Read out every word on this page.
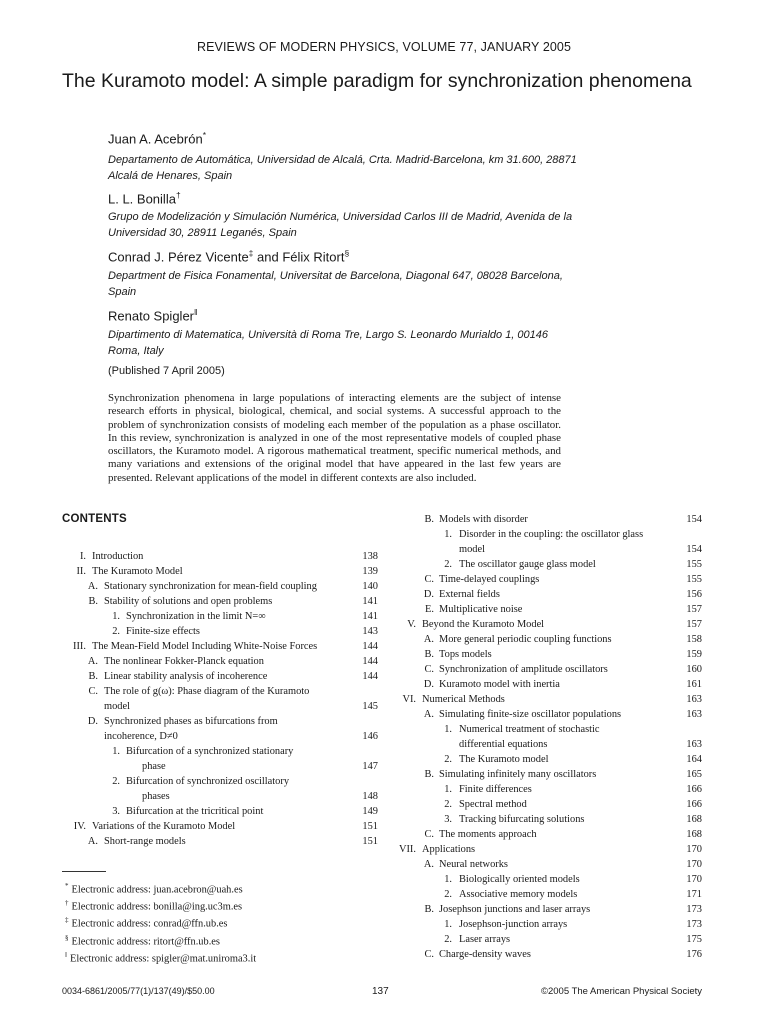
REVIEWS OF MODERN PHYSICS, VOLUME 77, JANUARY 2005
The Kuramoto model: A simple paradigm for synchronization phenomena
Juan A. Acebrón*
Departamento de Automática, Universidad de Alcalá, Crta. Madrid-Barcelona, km 31.600, 28871 Alcalá de Henares, Spain
L. L. Bonilla†
Grupo de Modelización y Simulación Numérica, Universidad Carlos III de Madrid, Avenida de la Universidad 30, 28911 Leganés, Spain
Conrad J. Pérez Vicente‡ and Félix Ritort§
Department de Fisica Fonamental, Universitat de Barcelona, Diagonal 647, 08028 Barcelona, Spain
Renato Spigler‖
Dipartimento di Matematica, Università di Roma Tre, Largo S. Leonardo Murialdo 1, 00146 Roma, Italy
(Published 7 April 2005)
Synchronization phenomena in large populations of interacting elements are the subject of intense research efforts in physical, biological, chemical, and social systems. A successful approach to the problem of synchronization consists of modeling each member of the population as a phase oscillator. In this review, synchronization is analyzed in one of the most representative models of coupled phase oscillators, the Kuramoto model. A rigorous mathematical treatment, specific numerical methods, and many variations and extensions of the original model that have appeared in the last few years are presented. Relevant applications of the model in different contexts are also included.
CONTENTS
I. Introduction	138
II. The Kuramoto Model	139
A. Stationary synchronization for mean-field coupling	140
B. Stability of solutions and open problems	141
1. Synchronization in the limit N=∞	141
2. Finite-size effects	143
III. The Mean-Field Model Including White-Noise Forces	144
A. The nonlinear Fokker-Planck equation	144
B. Linear stability analysis of incoherence	144
C. The role of g(ω): Phase diagram of the Kuramoto
model	145
D. Synchronized phases as bifurcations from
incoherence, D≠0	146
1. Bifurcation of a synchronized stationary
phase	147
2. Bifurcation of synchronized oscillatory
phases	148
3. Bifurcation at the tricritical point	149
IV. Variations of the Kuramoto Model	151
A. Short-range models	151
B. Models with disorder	154
1. Disorder in the coupling: the oscillator glass
model	154
2. The oscillator gauge glass model	155
C. Time-delayed couplings	155
D. External fields	156
E. Multiplicative noise	157
V. Beyond the Kuramoto Model	157
A. More general periodic coupling functions	158
B. Tops models	159
C. Synchronization of amplitude oscillators	160
D. Kuramoto model with inertia	161
VI. Numerical Methods	163
A. Simulating finite-size oscillator populations	163
1. Numerical treatment of stochastic
differential equations	163
2. The Kuramoto model	164
B. Simulating infinitely many oscillators	165
1. Finite differences	166
2. Spectral method	166
3. Tracking bifurcating solutions	168
C. The moments approach	168
VII. Applications	170
A. Neural networks	170
1. Biologically oriented models	170
2. Associative memory models	171
B. Josephson junctions and laser arrays	173
1. Josephson-junction arrays	173
2. Laser arrays	175
C. Charge-density waves	176
* Electronic address: juan.acebron@uah.es
† Electronic address: bonilla@ing.uc3m.es
‡ Electronic address: conrad@ffn.ub.es
§ Electronic address: ritort@ffn.ub.es
‖ Electronic address: spigler@mat.uniroma3.it
0034-6861/2005/77(1)/137(49)/$50.00	137	©2005 The American Physical Society
